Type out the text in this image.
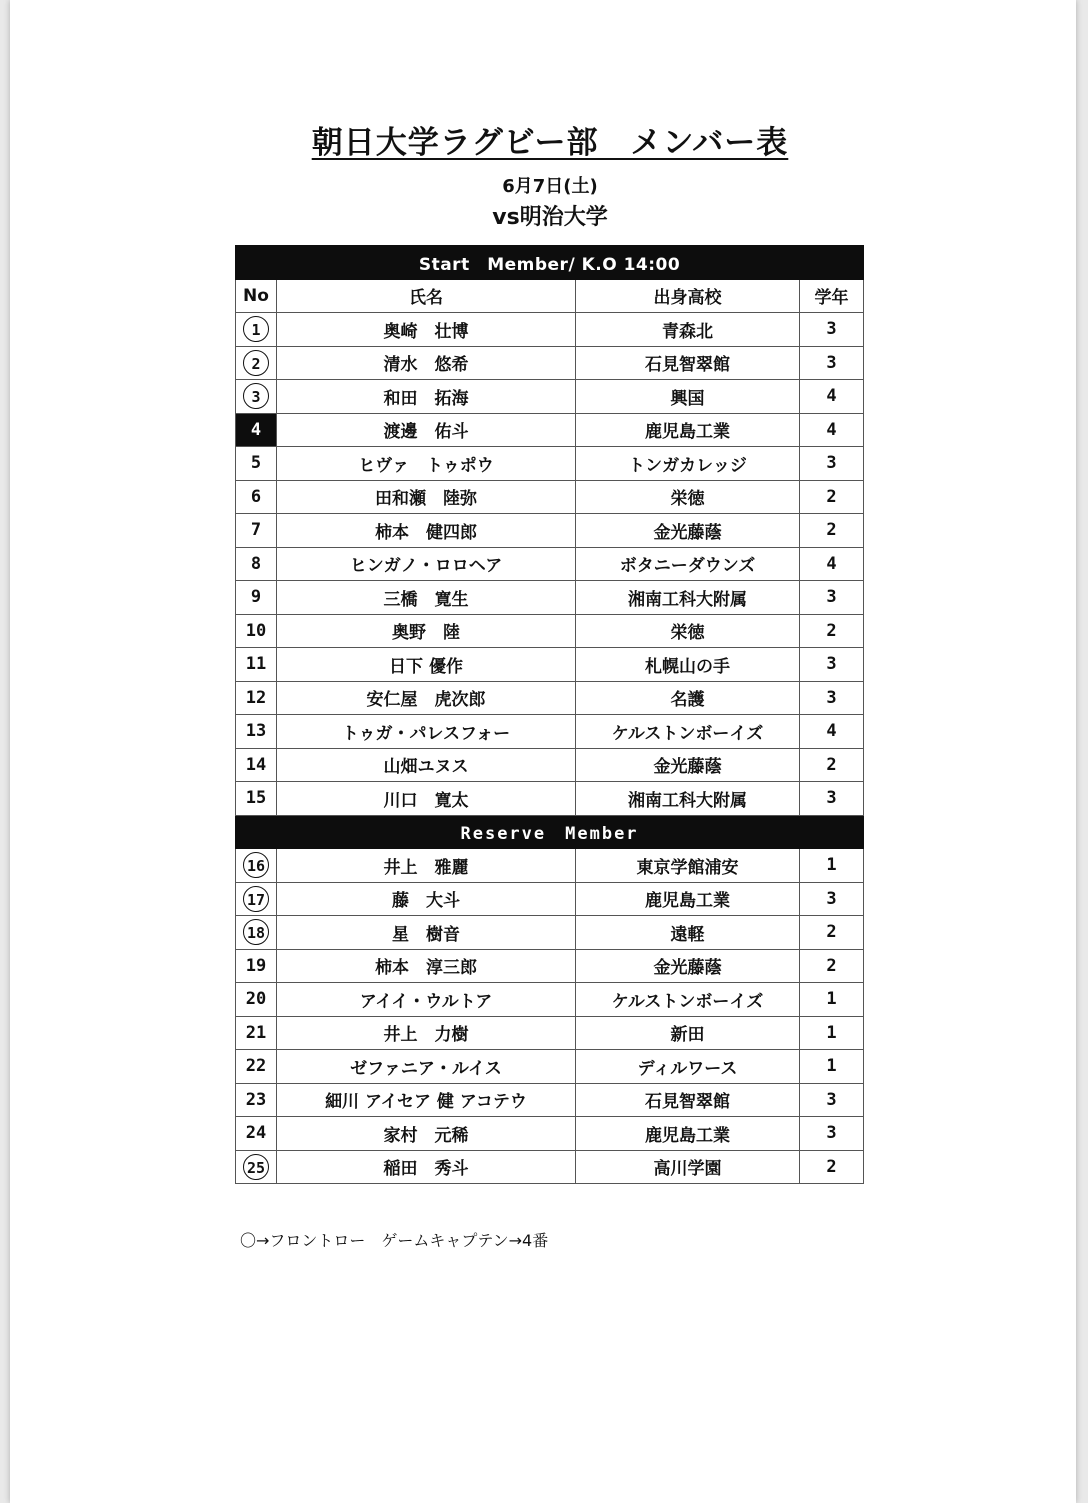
朝日大学ラグビー部　メンバー表
6月7日(土)
vs明治大学
Start　Member/ K.O 14:00			
No	氏名	出身高校	学年
1	奥崎　壮博	青森北	3
2	清水　悠希	石見智翠館	3
3	和田　拓海	興国	4
4	渡邊　佑斗	鹿児島工業	4
5	ヒヴァ　トゥポウ	トンガカレッジ	3
6	田和瀬　陸弥	栄徳	2
7	柿本　健四郎	金光藤蔭	2
8	ヒンガノ・ロロヘア	ボタニーダウンズ	4
9	三橋　寛生	湘南工科大附属	3
10	奥野　陸	栄徳	2
11	日下 優作	札幌山の手	3
12	安仁屋　虎次郎	名護	3
13	トゥガ・パレスフォー	ケルストンボーイズ	4
14	山畑ユヌス	金光藤蔭	2
15	川口　寛太	湘南工科大附属	3
Reserve　Member			
16	井上　雅麗	東京学館浦安	1
17	藤　大斗	鹿児島工業	3
18	星　樹音	遠軽	2
19	柿本　淳三郎	金光藤蔭	2
20	アイイ・ウルトア	ケルストンボーイズ	1
21	井上　力樹	新田	1
22	ゼファニア・ルイス	ディルワース	1
23	細川 アイセア 健 アコテウ	石見智翠館	3
24	家村　元稀	鹿児島工業	3
25	稲田　秀斗	高川学園	2
〇→フロントロー　ゲームキャプテン→4番
